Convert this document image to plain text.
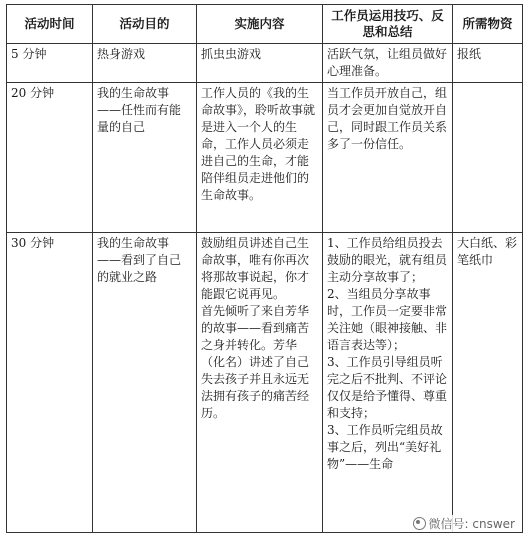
活动时间	活动目的	实施内容	工作员运用技巧、反思和总结	所需物资
5 分钟	热身游戏	抓虫虫游戏	活跃气氛，让组员做好心理准备。	报纸
20 分钟	我的生命故事——任性而有能量的自己	工作人员的《我的生命故事》，聆听故事就是进入一个人的生命，工作人员必须走进自己的生命，才能陪伴组员走进他们的生命故事。	当工作员开放自己，组员才会更加自觉放开自己，同时跟工作员关系多了一份信任。	

30 分钟	我的生命故事——看到了自己的就业之路	鼓励组员讲述自己生命故事，唯有你再次将那故事说起，你才能跟它说再见。
首先倾听了来自芳华的故事——看到痛苦之身并转化。芳华（化名）讲述了自己失去孩子并且永远无法拥有孩子的痛苦经历。	1、工作员给组员投去鼓励的眼光，就有组员主动分享故事了；
2、当组员分享故事时，工作员一定要非常关注她（眼神接触、非语言表达等）；
3、工作员引导组员听完之后不批判、不评论仅仅是给予懂得、尊重和支持；
3、工作员听完组员故事之后，列出“美好礼物”——生命	大白纸、彩笔纸巾
微信号: cnswer
